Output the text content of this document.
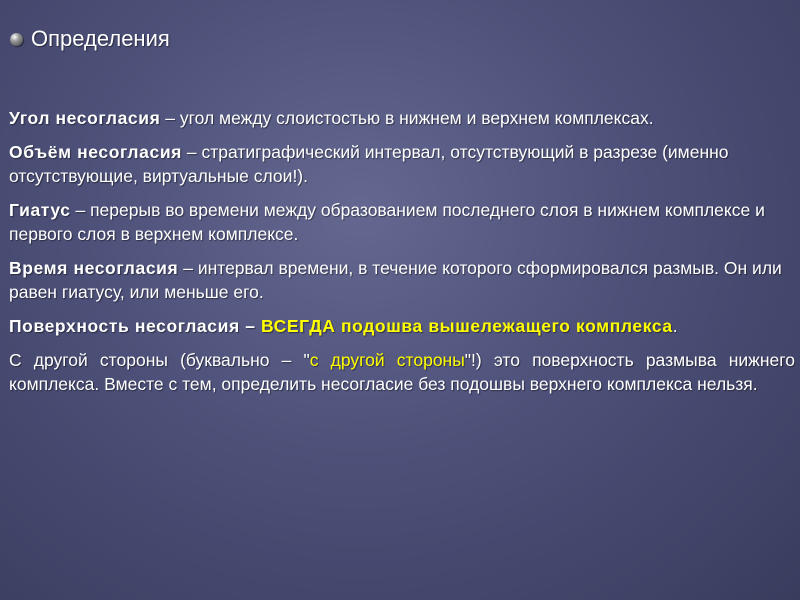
Определения

Угол несогласия – угол между слоистостью в нижнем и верхнем комплексах.

Объём несогласия – стратиграфический интервал, отсутствующий в разрезе (именно отсутствующие, виртуальные слои!).

Гиатус – перерыв во времени между образованием последнего слоя в нижнем комплексе и первого слоя в верхнем комплексе.

Время несогласия – интервал времени, в течение которого сформировался размыв. Он или равен гиатусу, или меньше его.

Поверхность несогласия – ВСЕГДА подошва вышележащего комплекса.

С другой стороны (буквально – "с другой стороны"!) это поверхность размыва нижнего комплекса. Вместе с тем, определить несогласие без подошвы верхнего комплекса нельзя.
